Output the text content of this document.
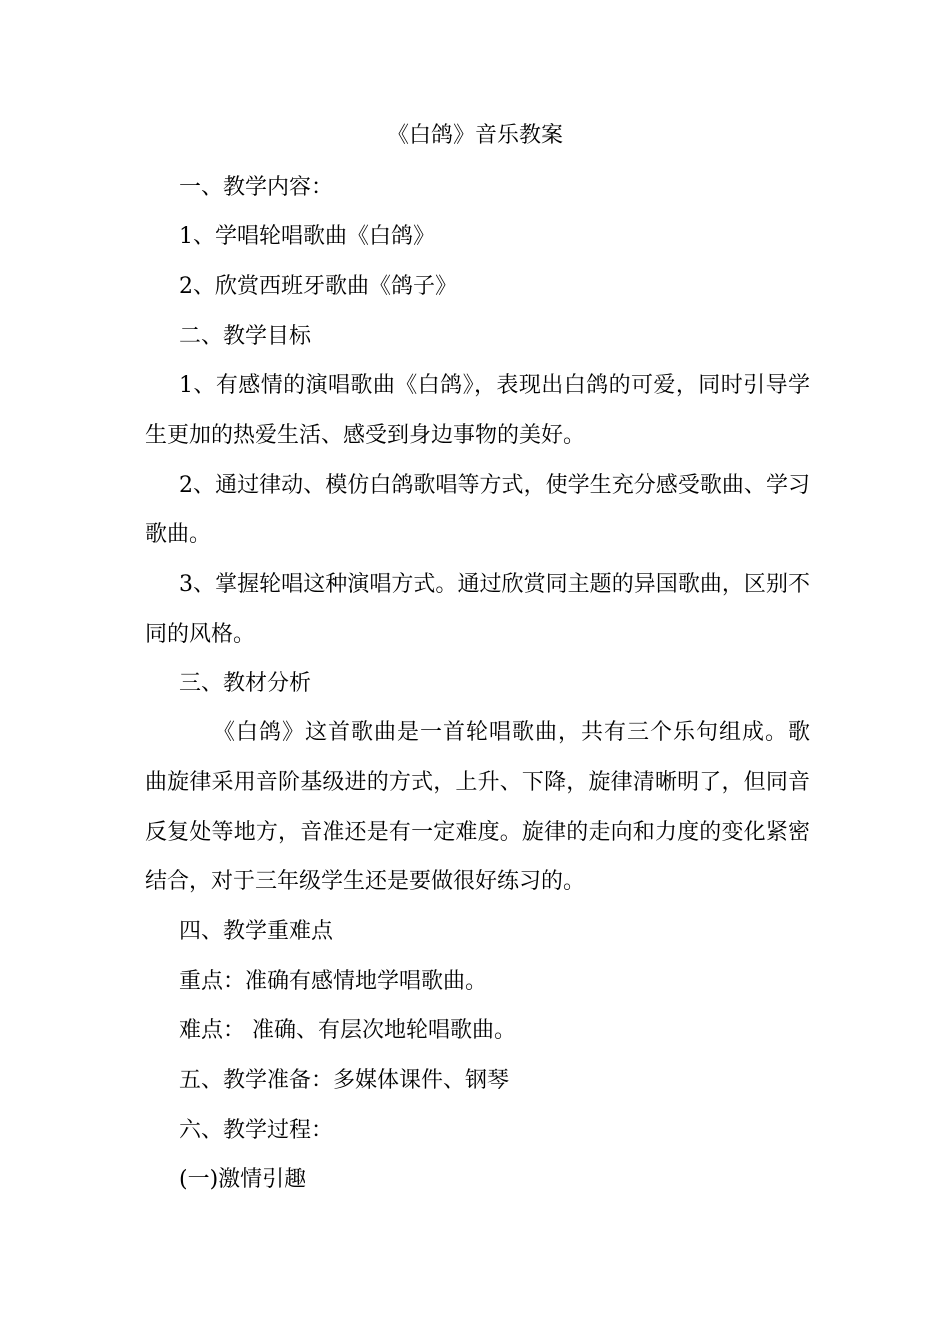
《白鸽》音乐教案
一、教学内容：
1、学唱轮唱歌曲《白鸽》
2、欣赏西班牙歌曲《鸽子》
二、教学目标
1、有感情的演唱歌曲《白鸽》，表现出白鸽的可爱，同时引导学
生更加的热爱生活、感受到身边事物的美好。
2、通过律动、模仿白鸽歌唱等方式，使学生充分感受歌曲、学习
歌曲。
3、掌握轮唱这种演唱方式。通过欣赏同主题的异国歌曲，区别不
同的风格。
三、教材分析
《白鸽》这首歌曲是一首轮唱歌曲，共有三个乐句组成。歌
曲旋律采用音阶基级进的方式，上升、下降，旋律清晰明了，但同音
反复处等地方，音准还是有一定难度。旋律的走向和力度的变化紧密
结合，对于三年级学生还是要做很好练习的。
四、教学重难点
重点：准确有感情地学唱歌曲。
难点： 准确、有层次地轮唱歌曲。
五、教学准备：多媒体课件、钢琴
六、教学过程：
(一)激情引趣
